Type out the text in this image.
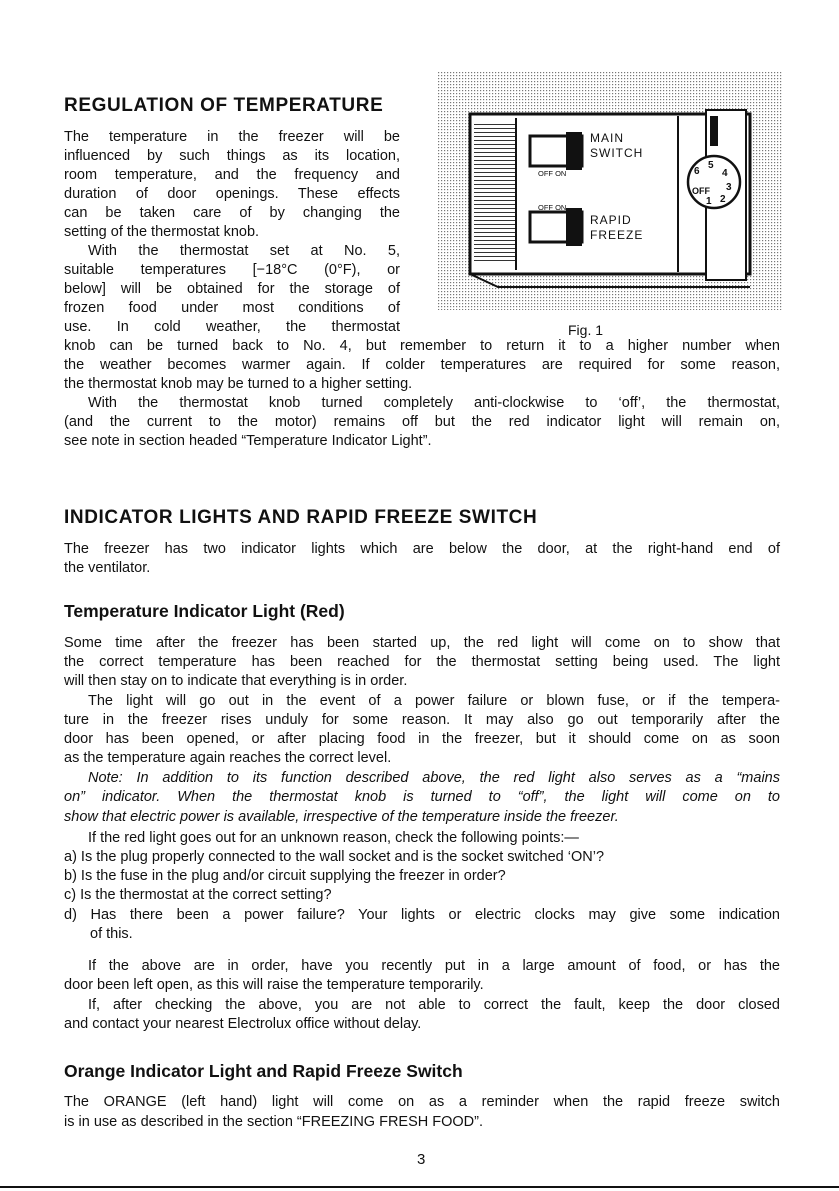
REGULATION OF TEMPERATURE
The temperature in the freezer will be
influenced by such things as its location,
room temperature, and the frequency and
duration of door openings. These effects
can be taken care of by changing the
setting of the thermostat knob.
With the thermostat set at No. 5,
suitable temperatures [−18°C (0°F), or
below] will be obtained for the storage of
frozen food under most conditions of
use. In cold weather, the thermostat
knob can be turned back to No. 4, but remember to return it to a higher number when
the weather becomes warmer again. If colder temperatures are required for some reason,
the thermostat knob may be turned to a higher setting.
With the thermostat knob turned completely anti-clockwise to ‘off’, the thermostat,
(and the current to the motor) remains off but the red indicator light will remain on,
see note in section headed “Temperature Indicator Light”.
5
4
3
2
6
OFF
1
OFF ON
OFF ON
MAIN
SWITCH
RAPID
FREEZE
Fig. 1
INDICATOR LIGHTS AND RAPID FREEZE SWITCH
The freezer has two indicator lights which are below the door, at the right-hand end of
the ventilator.
Temperature Indicator Light (Red)
Some time after the freezer has been started up, the red light will come on to show that
the correct temperature has been reached for the thermostat setting being used. The light
will then stay on to indicate that everything is in order.
The light will go out in the event of a power failure or blown fuse, or if the tempera-
ture in the freezer rises unduly for some reason. It may also go out temporarily after the
door has been opened, or after placing food in the freezer, but it should come on as soon
as the temperature again reaches the correct level.
Note: In addition to its function described above, the red light also serves as a “mains
on” indicator. When the thermostat knob is turned to “off”, the light will come on to
show that electric power is available, irrespective of the temperature inside the freezer.
If the red light goes out for an unknown reason, check the following points:—
a) Is the plug properly connected to the wall socket and is the socket switched ‘ON’?
b) Is the fuse in the plug and/or circuit supplying the freezer in order?
c) Is the thermostat at the correct setting?
d) Has there been a power failure? Your lights or electric clocks may give some indication
of this.
If the above are in order, have you recently put in a large amount of food, or has the
door been left open, as this will raise the temperature temporarily.
If, after checking the above, you are not able to correct the fault, keep the door closed
and contact your nearest Electrolux office without delay.
Orange Indicator Light and Rapid Freeze Switch
The ORANGE (left hand) light will come on as a reminder when the rapid freeze switch
is in use as described in the section “FREEZING FRESH FOOD”.
3
